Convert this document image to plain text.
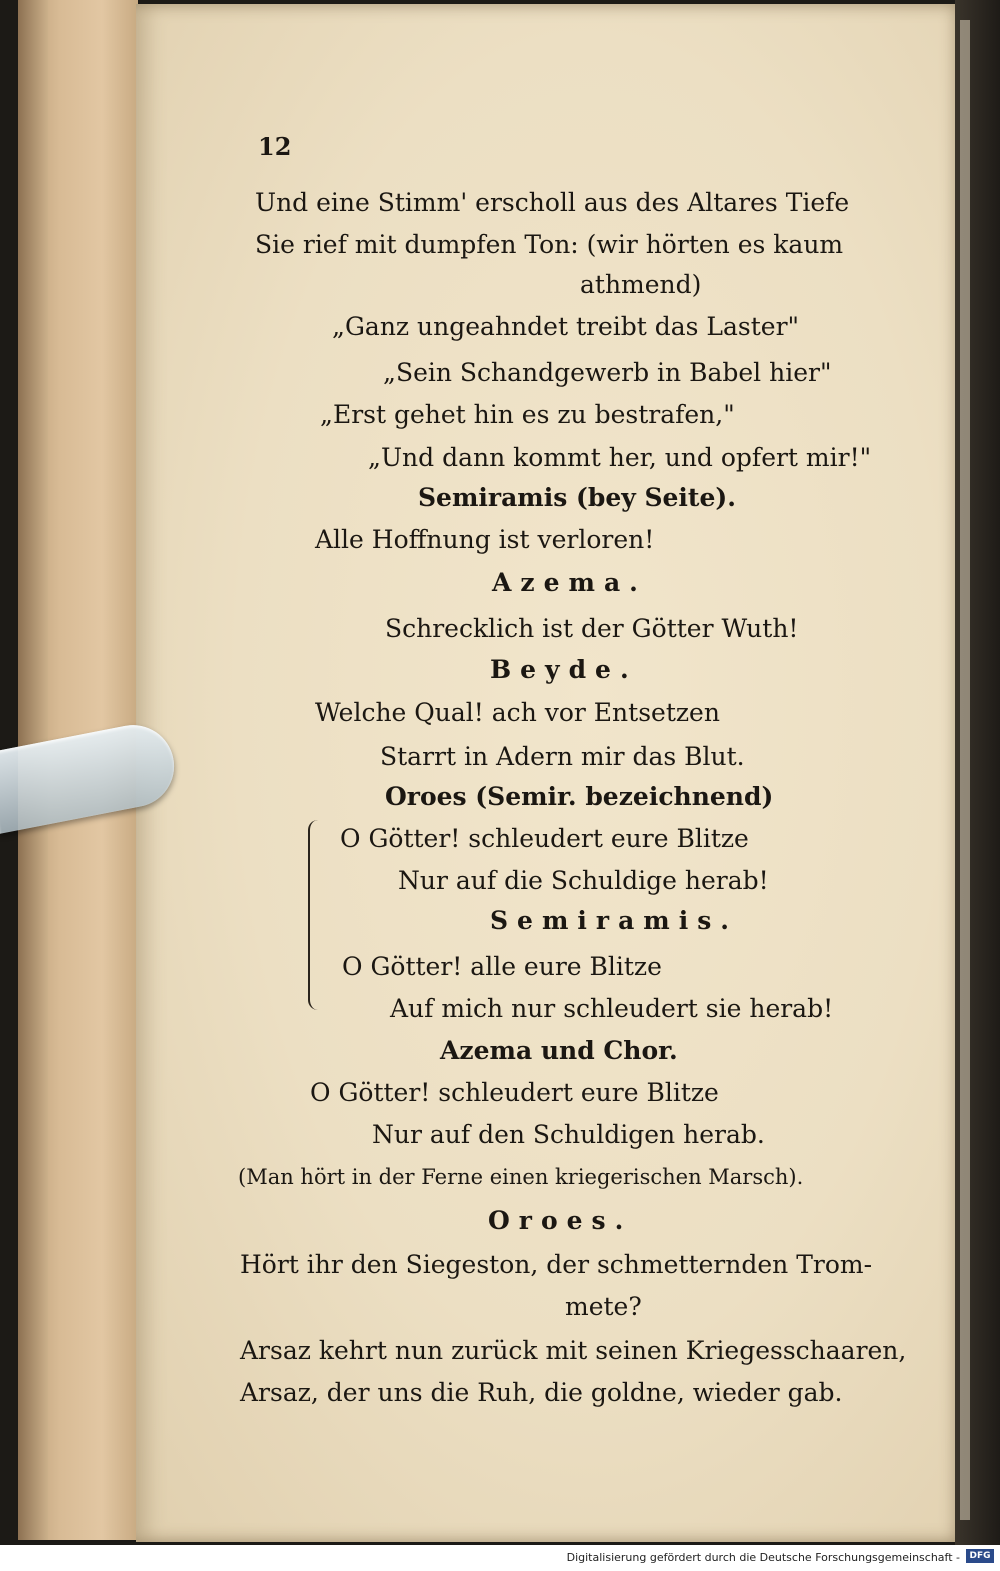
12
Und eine Stimm' erscholl aus des Altares Tiefe
Sie rief mit dumpfen Ton: (wir hörten es kaum
athmend)
„Ganz ungeahndet treibt das Laster"
„Sein Schandgewerb in Babel hier"
„Erst gehet hin es zu bestrafen,"
„Und dann kommt her, und opfert mir!"
Semiramis (bey Seite).
Alle Hoffnung ist verloren!
Azema.
Schrecklich ist der Götter Wuth!
Beyde.
Welche Qual! ach vor Entsetzen
Starrt in Adern mir das Blut.
Oroes (Semir. bezeichnend)
O Götter! schleudert eure Blitze
Nur auf die Schuldige herab!
Semiramis.
O Götter! alle eure Blitze
Auf mich nur schleudert sie herab!
Azema und Chor.
O Götter! schleudert eure Blitze
Nur auf den Schuldigen herab.
(Man hört in der Ferne einen kriegerischen Marsch).
Oroes.
Hört ihr den Siegeston, der schmetternden Trom-
mete?
Arsaz kehrt nun zurück mit seinen Kriegesschaaren,
Arsaz, der uns die Ruh, die goldne, wieder gab.
Digitalisierung gefördert durch die Deutsche Forschungsgemeinschaft -	DFG
